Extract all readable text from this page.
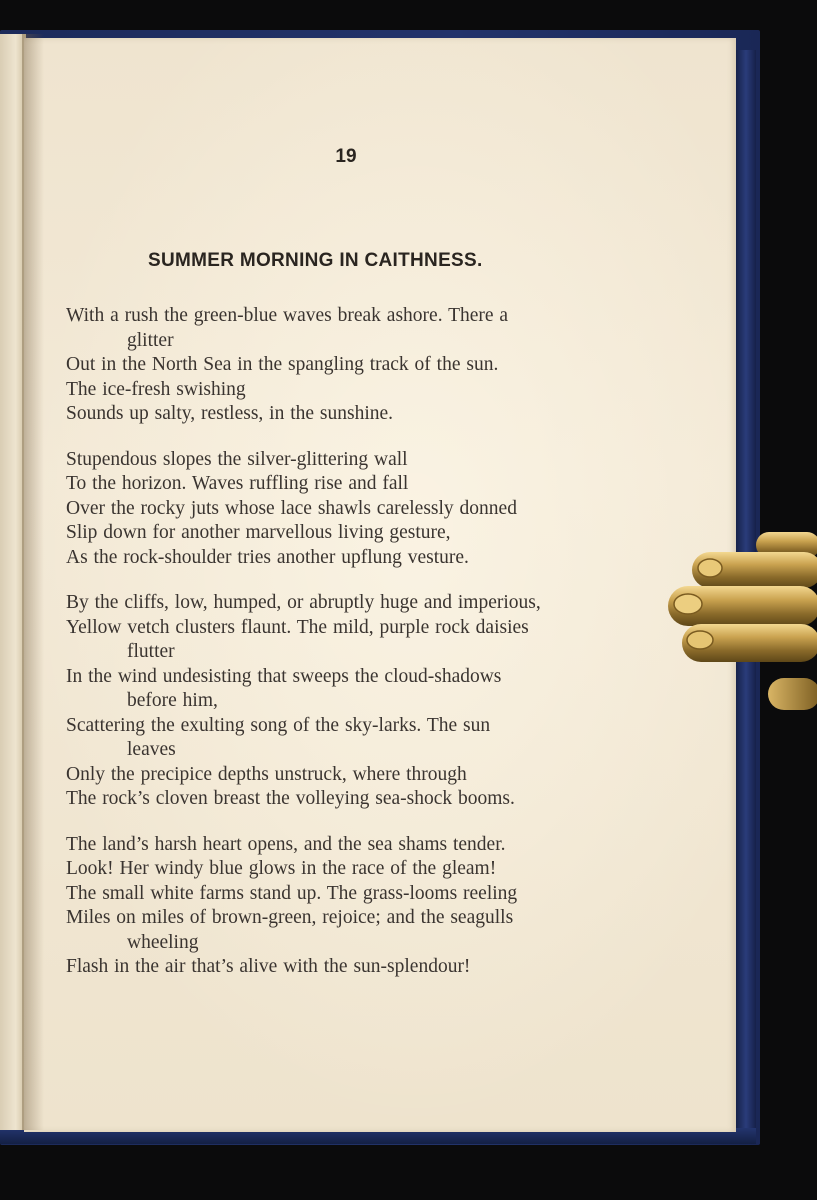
19
SUMMER MORNING IN CAITHNESS.
With a rush the green-blue waves break ashore. There a
glitter
Out in the North Sea in the spangling track of the sun.
The ice-fresh swishing
Sounds up salty, restless, in the sunshine.
Stupendous slopes the silver-glittering wall
To the horizon. Waves ruffling rise and fall
Over the rocky juts whose lace shawls carelessly donned
Slip down for another marvellous living gesture,
As the rock-shoulder tries another upflung vesture.
By the cliffs, low, humped, or abruptly huge and imperious,
Yellow vetch clusters flaunt. The mild, purple rock daisies
flutter
In the wind undesisting that sweeps the cloud-shadows
before him,
Scattering the exulting song of the sky-larks. The sun
leaves
Only the precipice depths unstruck, where through
The rock’s cloven breast the volleying sea-shock booms.
The land’s harsh heart opens, and the sea shams tender.
Look! Her windy blue glows in the race of the gleam!
The small white farms stand up. The grass-looms reeling
Miles on miles of brown-green, rejoice; and the seagulls
wheeling
Flash in the air that’s alive with the sun-splendour!
